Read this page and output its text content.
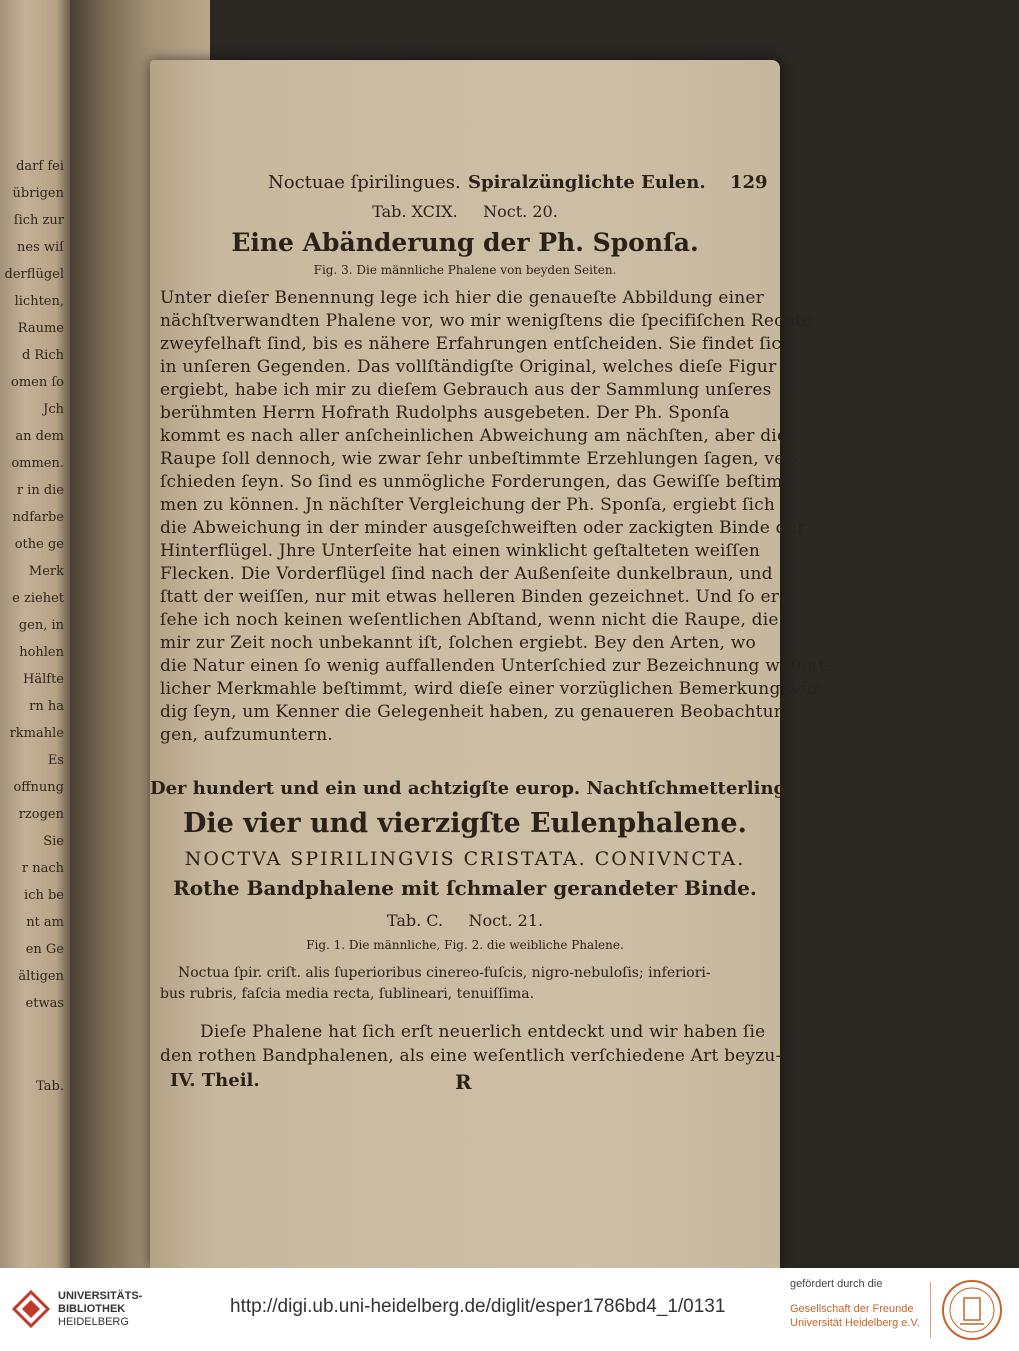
darf fei
übrigen
ſich zur
nes wiſ
derflügel
lichten,
Raume
d Rich
omen ſo
Jch
an dem
ommen.
r in die
ndfarbe
othe ge
Merk
e ziehet
gen, in
hohlen
Hälfte
rn ha
rkmahle
Es
offnung
rzogen
Sie
r nach
ich be
nt am
en Ge
ältigen
etwas
Tab.
Noctuae ſpirilingues. Spiralzünglichte Eulen. 129
Tab. XCIX.     Noct. 20.
Eine Abänderung der Ph. Sponſa.
Fig. 3. Die männliche Phalene von beyden Seiten.
Unter dieſer Benennung lege ich hier die genaueſte Abbildung einer
nächſtverwandten Phalene vor, wo mir wenigſtens die ſpecifiſchen Rechte
zweyfelhaft ſind, bis es nähere Erfahrungen entſcheiden. Sie findet ſich
in unſeren Gegenden. Das vollſtändigſte Original, welches dieſe Figur
ergiebt, habe ich mir zu dieſem Gebrauch aus der Sammlung unſeres
berühmten Herrn Hofrath Rudolphs ausgebeten. Der Ph. Sponſa
kommt es nach aller anſcheinlichen Abweichung am nächſten, aber die
Raupe ſoll dennoch, wie zwar ſehr unbeſtimmte Erzehlungen ſagen, ver-
ſchieden ſeyn. So ſind es unmögliche Forderungen, das Gewiſſe beſtim-
men zu können. Jn nächſter Vergleichung der Ph. Sponſa, ergiebt ſich
die Abweichung in der minder ausgeſchweiften oder zackigten Binde der
Hinterflügel. Jhre Unterſeite hat einen winklicht geſtalteten weiſſen
Flecken. Die Vorderflügel ſind nach der Außenſeite dunkelbraun, und
ſtatt der weiſſen, nur mit etwas helleren Binden gezeichnet. Und ſo er-
ſehe ich noch keinen weſentlichen Abſtand, wenn nicht die Raupe, die
mir zur Zeit noch unbekannt iſt, ſolchen ergiebt. Bey den Arten, wo
die Natur einen ſo wenig auffallenden Unterſchied zur Bezeichnung weſent-
licher Merkmahle beſtimmt, wird dieſe einer vorzüglichen Bemerkung wür-
dig ſeyn, um Kenner die Gelegenheit haben, zu genaueren Beobachtun-
gen, aufzumuntern.
Der hundert und ein und achtzigſte europ. Nachtſchmetterling.
Die vier und vierzigſte Eulenphalene.
NOCTVA SPIRILINGVIS CRISTATA. CONIVNCTA.
Rothe Bandphalene mit ſchmaler gerandeter Binde.
Tab. C.     Noct. 21.
Fig. 1. Die männliche, Fig. 2. die weibliche Phalene.
Noctua ſpir. criſt. alis ſuperioribus cinereo-fuſcis, nigro-nebuloſis; inferiori-
bus rubris, faſcia media recta, ſublineari, tenuiſſima.
Dieſe Phalene hat ſich erſt neuerlich entdeckt und wir haben ſie
den rothen Bandphalenen, als eine weſentlich verſchiedene Art beyzu-
IV. Theil.	R
UNIVERSITÄTS-
BIBLIOTHEK
HEIDELBERG
http://digi.ub.uni-heidelberg.de/diglit/esper1786bd4_1/0131
gefördert durch die
Gesellschaft der Freunde
Universität Heidelberg e.V.
